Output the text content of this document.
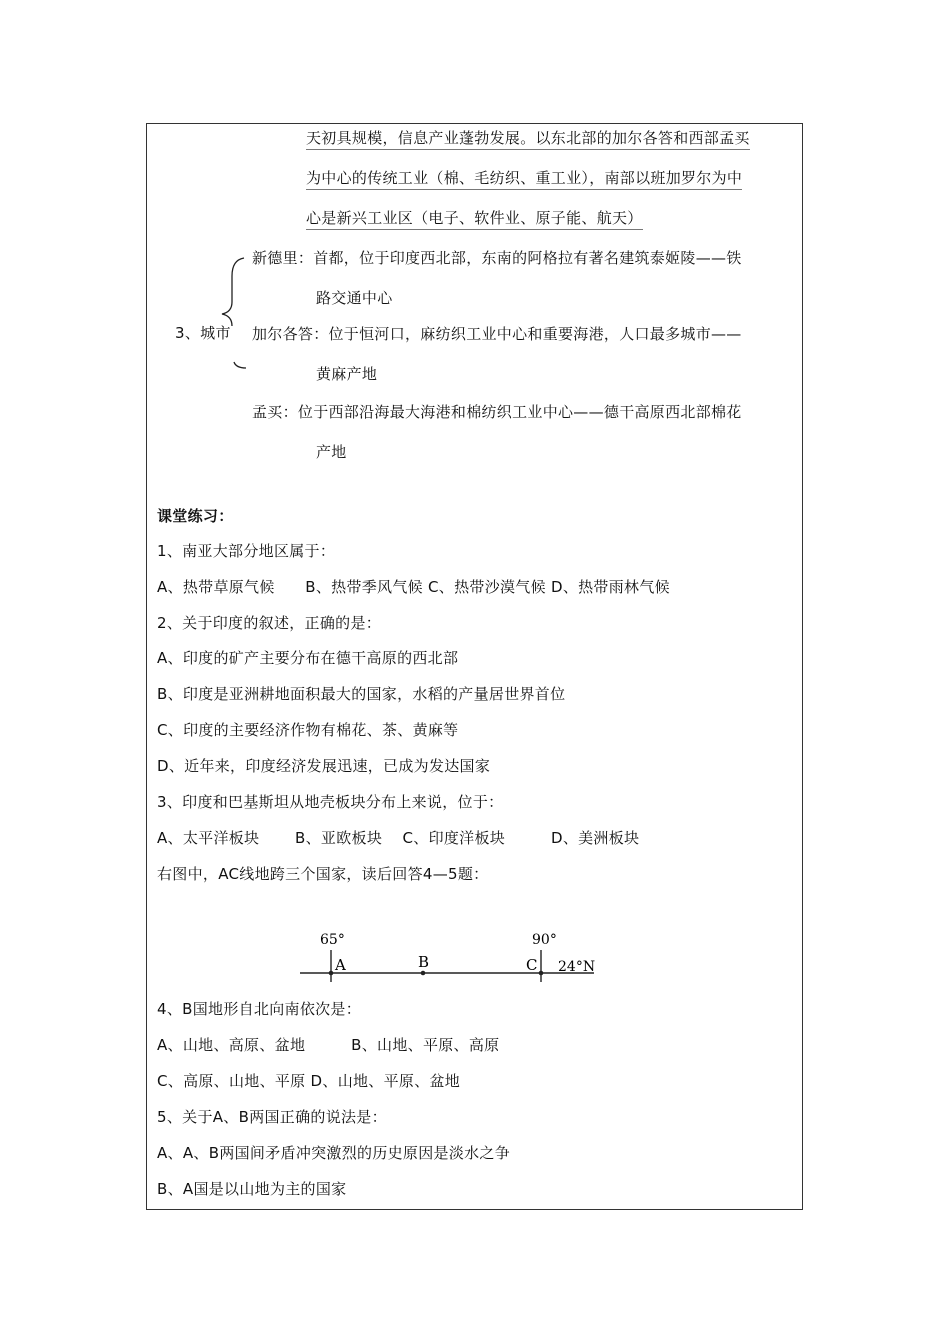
天初具规模，信息产业蓬勃发展。以东北部的加尔各答和西部孟买
为中心的传统工业（棉、毛纺织、重工业），南部以班加罗尔为中
心是新兴工业区（电子、软件业、原子能、航天）
3、城市
新德里：首都，位于印度西北部，东南的阿格拉有著名建筑泰姬陵——铁
路交通中心
加尔各答：位于恒河口，麻纺织工业中心和重要海港，人口最多城市——
黄麻产地
孟买：位于西部沿海最大海港和棉纺织工业中心——德干高原西北部棉花
产地
课堂练习：
1、南亚大部分地区属于：
A、热带草原气候　　B、热带季风气候 C、热带沙漠气候 D、热带雨林气候
2、关于印度的叙述，正确的是：
A、印度的矿产主要分布在德干高原的西北部
B、印度是亚洲耕地面积最大的国家，水稻的产量居世界首位
C、印度的主要经济作物有棉花、茶、黄麻等
D、近年来，印度经济发展迅速，已成为发达国家
3、印度和巴基斯坦从地壳板块分布上来说，位于：
A、太平洋板块　　 B、亚欧板块　 C、印度洋板块　　　D、美洲板块
右图中，AC线地跨三个国家，读后回答4—5题：
65°	90°
A	B	C 24°N
4、B国地形自北向南依次是：
A、山地、高原、盆地　　　B、山地、平原、高原
C、高原、山地、平原 D、山地、平原、盆地
5、关于A、B两国正确的说法是：
A、A、B两国间矛盾冲突激烈的历史原因是淡水之争
B、A国是以山地为主的国家
